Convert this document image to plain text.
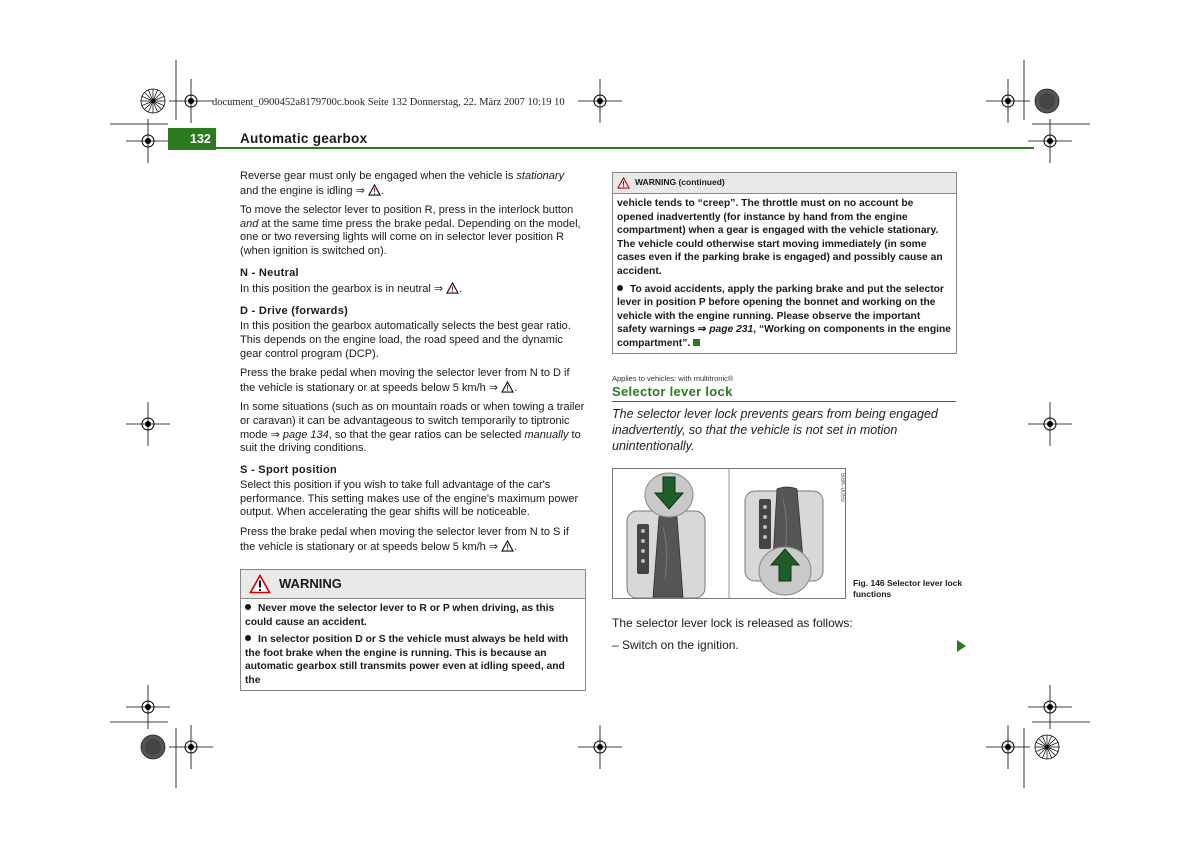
document_0900452a8179700c.book Seite 132 Donnerstag, 22. März 2007 10:19 10
132	Automatic gearbox

Reverse gear must only be engaged when the vehicle is stationary
and the engine is idling ⇒ .

To move the selector lever to position R, press in the interlock button and at the same time press the brake pedal. Depending on the model, one or two reversing lights will come on in selector lever position R (when ignition is switched on).

N - Neutral

In this position the gearbox is in neutral ⇒ .

D - Drive (forwards)

In this position the gearbox automatically selects the best gear ratio. This depends on the engine load, the road speed and the dynamic gear control program (DCP).

Press the brake pedal when moving the selector lever from N to D if the vehicle is stationary or at speeds below 5 km/h ⇒ .

In some situations (such as on mountain roads or when towing a trailer or caravan) it can be advantageous to switch temporarily to tiptronic mode ⇒ page 134, so that the gear ratios can be selected manually to suit the driving conditions.

S - Sport position

Select this position if you wish to take full advantage of the car's performance. This setting makes use of the engine's maximum power output. When accelerating the gear shifts will be noticeable.

Press the brake pedal when moving the selector lever from N to S if the vehicle is stationary or at speeds below 5 km/h ⇒ .

WARNING

Never move the selector lever to R or P when driving, as this could cause an accident.

In selector position D or S the vehicle must always be held with the foot brake when the engine is running. This is because an automatic gearbox still transmits power even at idling speed, and the

WARNING (continued)

vehicle tends to “creep”. The throttle must on no account be opened inadvertently (for instance by hand from the engine compartment) when a gear is engaged with the vehicle stationary. The vehicle could otherwise start moving immediately (in some cases even if the parking brake is engaged) and possibly cause an accident.

To avoid accidents, apply the parking brake and put the selector lever in position P before opening the bonnet and working on the vehicle with the engine running. Please observe the important safety warnings ⇒ page 231, “Working on components in the engine compartment”.

Applies to vehicles: with multitronic®
Selector lever lock
The selector lever lock prevents gears from being engaged inadvertently, so that the vehicle is not set in motion unintentionally.
B8K-0059
Fig. 146 Selector lever lock functions
The selector lever lock is released as follows:
– Switch on the ignition.
